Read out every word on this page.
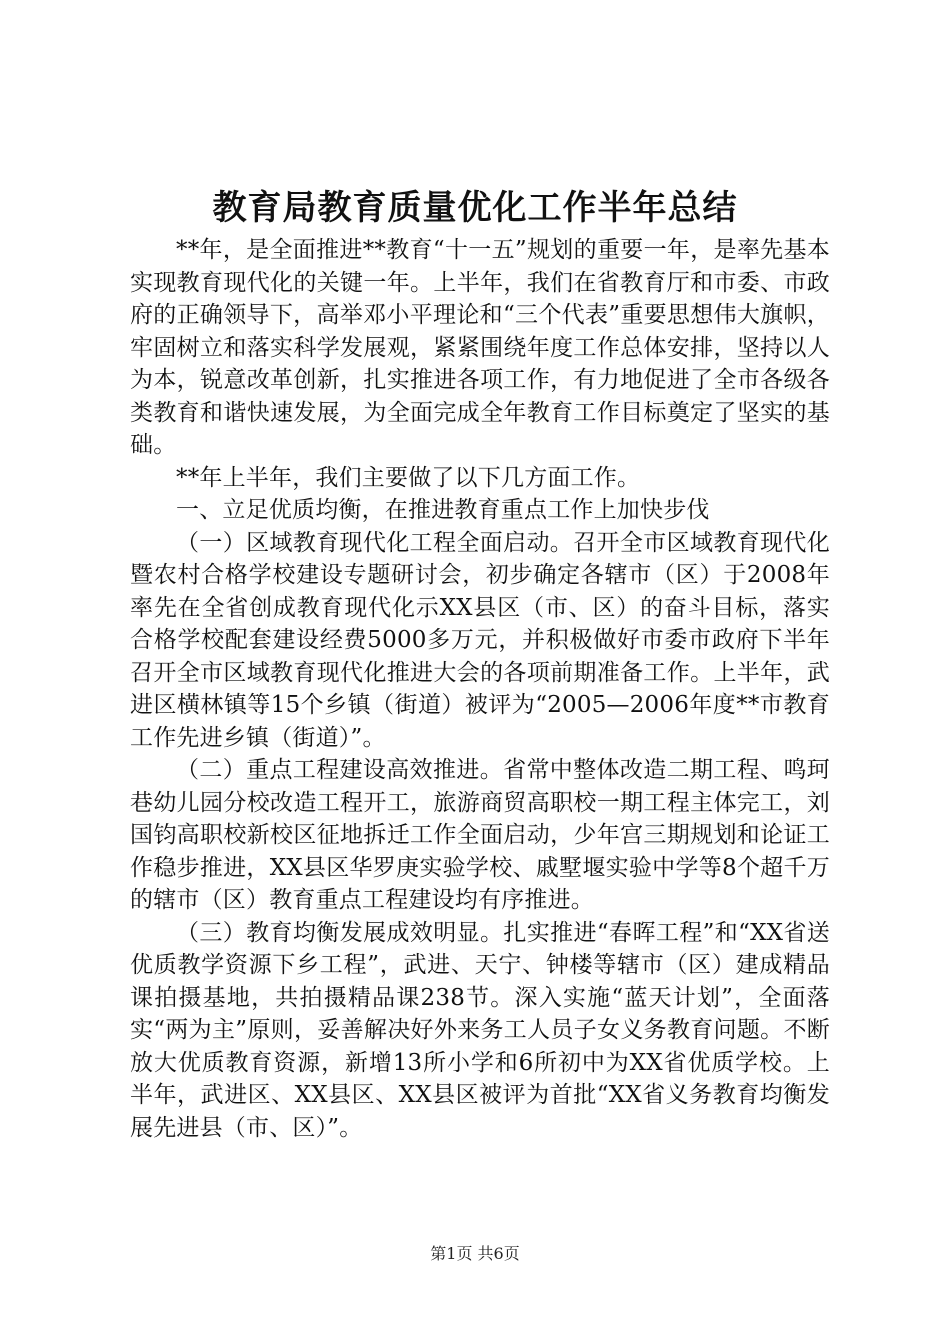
教育局教育质量优化工作半年总结

**年，是全面推进**教育“十一五”规划的重要一年，是率先基本实现教育现代化的关键一年。上半年，我们在省教育厅和市委、市政府的正确领导下，高举邓小平理论和“三个代表”重要思想伟大旗帜，牢固树立和落实科学发展观，紧紧围绕年度工作总体安排，坚持以人为本，锐意改革创新，扎实推进各项工作，有力地促进了全市各级各类教育和谐快速发展，为全面完成全年教育工作目标奠定了坚实的基础。

**年上半年，我们主要做了以下几方面工作。

一、立足优质均衡，在推进教育重点工作上加快步伐

（一）区域教育现代化工程全面启动。召开全市区域教育现代化暨农村合格学校建设专题研讨会，初步确定各辖市（区）于2008年率先在全省创成教育现代化示XX县区（市、区）的奋斗目标，落实合格学校配套建设经费5000多万元，并积极做好市委市政府下半年召开全市区域教育现代化推进大会的各项前期准备工作。上半年，武进区横林镇等15个乡镇（街道）被评为“2005—2006年度**市教育工作先进乡镇（街道）”。

（二）重点工程建设高效推进。省常中整体改造二期工程、鸣珂巷幼儿园分校改造工程开工，旅游商贸高职校一期工程主体完工，刘国钧高职校新校区征地拆迁工作全面启动，少年宫三期规划和论证工作稳步推进，XX县区华罗庚实验学校、戚墅堰实验中学等8个超千万的辖市（区）教育重点工程建设均有序推进。

（三）教育均衡发展成效明显。扎实推进“春晖工程”和“XX省送优质教学资源下乡工程”，武进、天宁、钟楼等辖市（区）建成精品课拍摄基地，共拍摄精品课238节。深入实施“蓝天计划”，全面落实“两为主”原则，妥善解决好外来务工人员子女义务教育问题。不断放大优质教育资源，新增13所小学和6所初中为XX省优质学校。上半年，武进区、XX县区、XX县区被评为首批“XX省义务教育均衡发展先进县（市、区）”。

第1页 共6页
